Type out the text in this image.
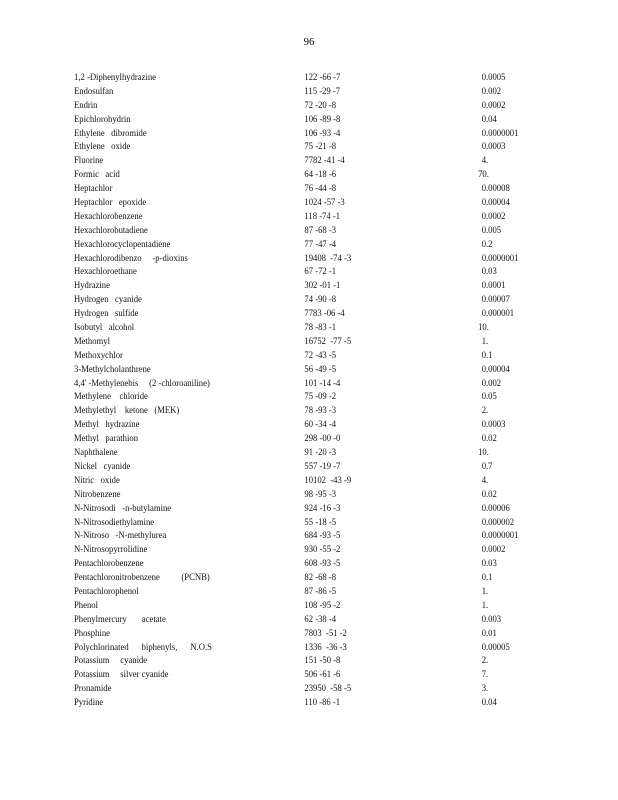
96
1,2 -Diphenylhydrazine	122 -66 -7	0.0005
Endosulfan	115 -29 -7	0.002
Endrin	72 -20 -8	0.0002
Epichlorohydrin	106 -89 -8	0.04
Ethylene   dibromide	106 -93 -4	0.0000001
Ethylene   oxide	75 -21 -8	0.0003
Fluorine	7782 -41 -4	4.
Formic   acid	64 -18 -6	70.
Heptachlor	76 -44 -8	0.00008
Heptachlor   epoxide	1024 -57 -3	0.00004
Hexachlorobenzene	118 -74 -1	0.0002
Hexachlorobutadiene	87 -68 -3	0.005
Hexachlorocyclopentadiene	77 -47 -4	0.2
Hexachlorodibenzo     -p-dioxins	19408  -74 -3	0.0000001
Hexachloroethane	67 -72 -1	0.03
Hydrazine	302 -01 -1	0.0001
Hydrogen   cyanide	74 -90 -8	0.00007
Hydrogen   sulfide	7783 -06 -4	0.000001
Isobutyl   alcohol	78 -83 -1	10.
Methomyl	16752  -77 -5	1.
Methoxychlor	72 -43 -5	0.1
3-Methylcholanthrene	56 -49 -5	0.00004
4,4' -Methylenebis     (2 -chloroaniline)	101 -14 -4	0.002
Methylene    chloride	75 -09 -2	0.05
Methylethyl    ketone   (MEK)	78 -93 -3	2.
Methyl   hydrazine	60 -34 -4	0.0003
Methyl   parathion	298 -00 -0	0.02
Naphthalene	91 -20 -3	10.
Nickel   cyanide	557 -19 -7	0.7
Nitric   oxide	10102  -43 -9	4.
Nitrobenzene	98 -95 -3	0.02
N-Nitrosodi   -n-butylamine	924 -16 -3	0.00006
N-Nitrosodiethylamine	55 -18 -5	0.000002
N-Nitroso   -N-methylurea	684 -93 -5	0.0000001
N-Nitrosopyrrolidine	930 -55 -2	0.0002
Pentachlorobenzene	608 -93 -5	0.03
Pentachloronitrobenzene          (PCNB)	82 -68 -8	0.1
Pentachlorophenol	87 -86 -5	1.
Phenol	108 -95 -2	1.
Phenylmercury       acetate	62 -38 -4	0.003
Phosphine	7803  -51 -2	0.01
Polychlorinated      biphenyls,      N.O.S	1336  -36 -3	0.00005
Potassium     cyanide	151 -50 -8	2.
Potassium     silver cyanide	506 -61 -6	7.
Pronamide	23950  -58 -5	3.
Pyridine	110 -86 -1	0.04
